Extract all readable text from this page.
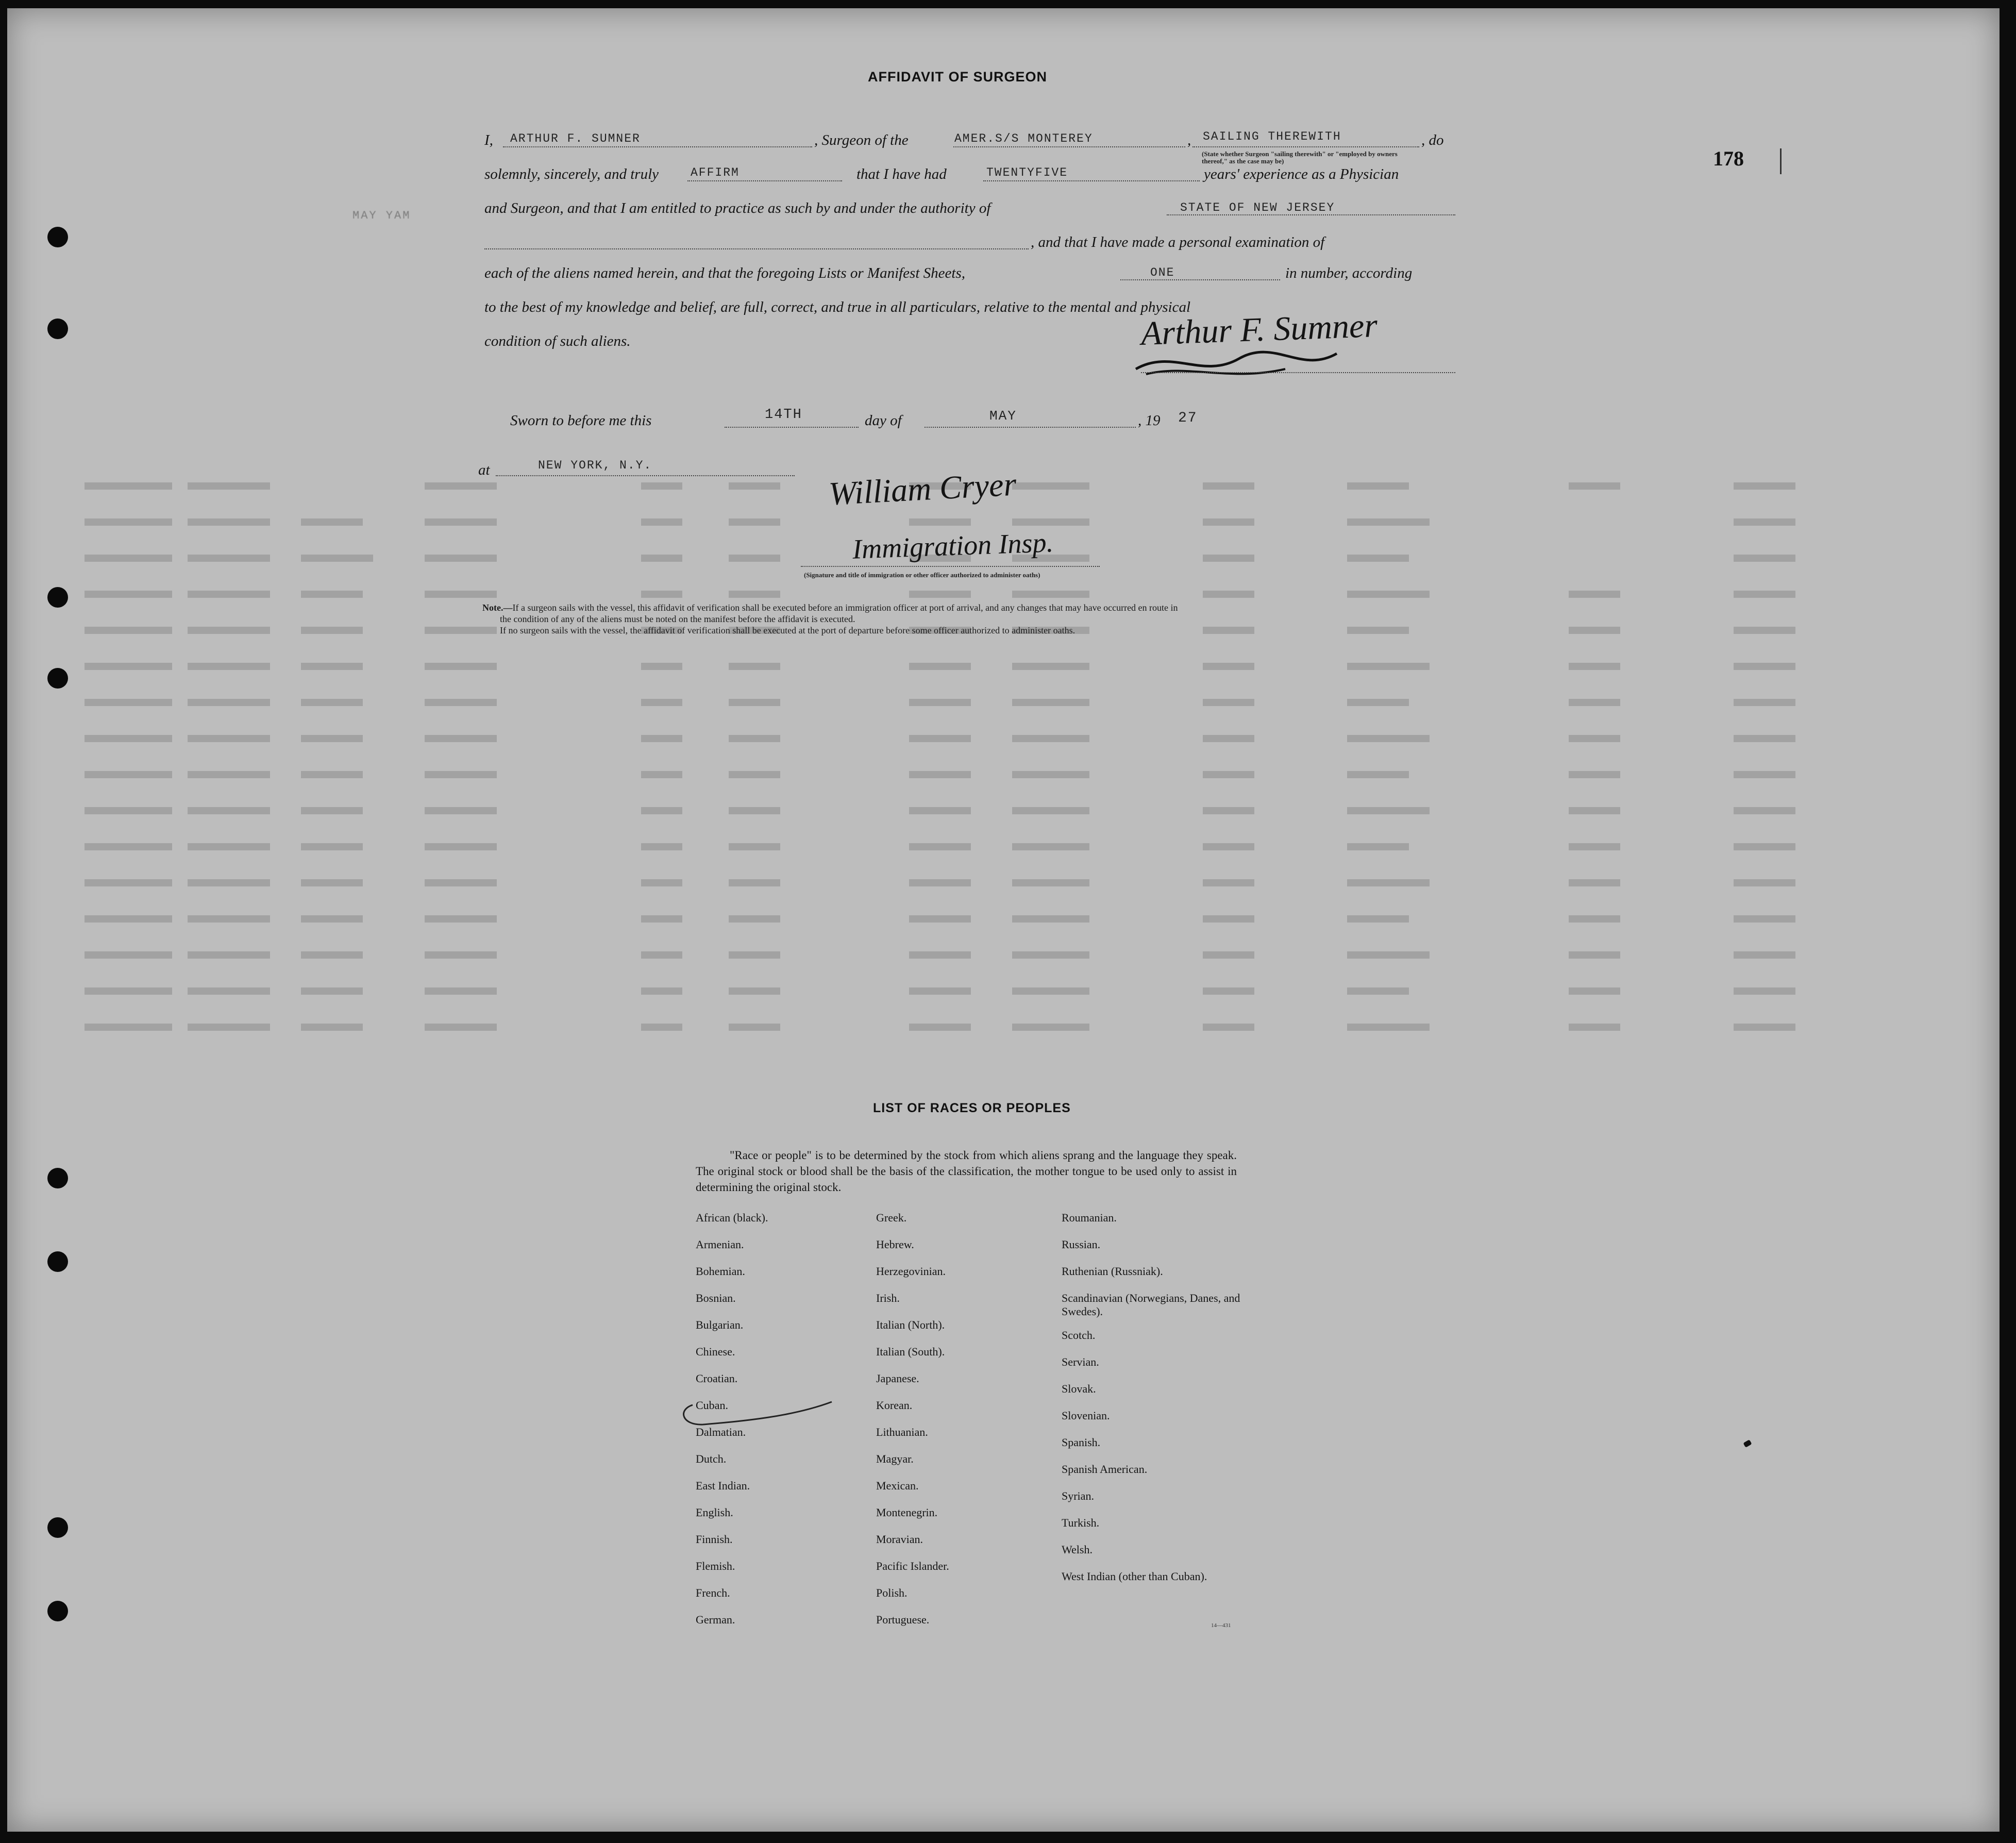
178
MAY YAM
AFFIDAVIT OF SURGEON
I, ARTHUR F. SUMNER	, Surgeon of the	AMER.S/S MONTEREY	, SAILING THEREWITH	, do
(State whether Surgeon "sailing therewith" or "employed by owners thereof," as the case may be)
solemnly, sincerely, and truly	AFFIRM	that I have had	TWENTYFIVE	years' experience as a Physician
and Surgeon, and that I am entitled to practice as such by and under the authority of	STATE OF NEW JERSEY
, and that I have made a personal examination of
each of the aliens named herein, and that the foregoing Lists or Manifest Sheets,	ONE	in number, according
to the best of my knowledge and belief, are full, correct, and true in all particulars, relative to the mental and physical
condition of such aliens.	Arthur F. Sumner
Sworn to before me this	14TH	day of	MAY	, 19 27
at	NEW YORK, N.Y.
William Cryer
Immigration Insp.
(Signature and title of immigration or other officer authorized to administer oaths)
Note.—If a surgeon sails with the vessel, this affidavit of verification shall be executed before an immigration officer at port of arrival, and any changes that may have occurred en route in
the condition of any of the aliens must be noted on the manifest before the affidavit is executed.
If no surgeon sails with the vessel, the affidavit of verification shall be executed at the port of departure before some officer authorized to administer oaths.
LIST OF RACES OR PEOPLES
"Race or people" is to be determined by the stock from which aliens sprang and the language they speak. The original stock or blood shall be the basis of the classification, the mother tongue to be used only to assist in determining the original stock.
African (black).
Armenian.
Bohemian.
Bosnian.
Bulgarian.
Chinese.
Croatian.
Cuban.
Dalmatian.
Dutch.
East Indian.
English.
Finnish.
Flemish.
French.
German.
Greek.
Hebrew.
Herzegovinian.
Irish.
Italian (North).
Italian (South).
Japanese.
Korean.
Lithuanian.
Magyar.
Mexican.
Montenegrin.
Moravian.
Pacific Islander.
Polish.
Portuguese.
Roumanian.
Russian.
Ruthenian (Russniak).
Scandinavian (Norwegians, Danes, and Swedes).
Scotch.
Servian.
Slovak.
Slovenian.
Spanish.
Spanish American.
Syrian.
Turkish.
Welsh.
West Indian (other than Cuban).
14—431
